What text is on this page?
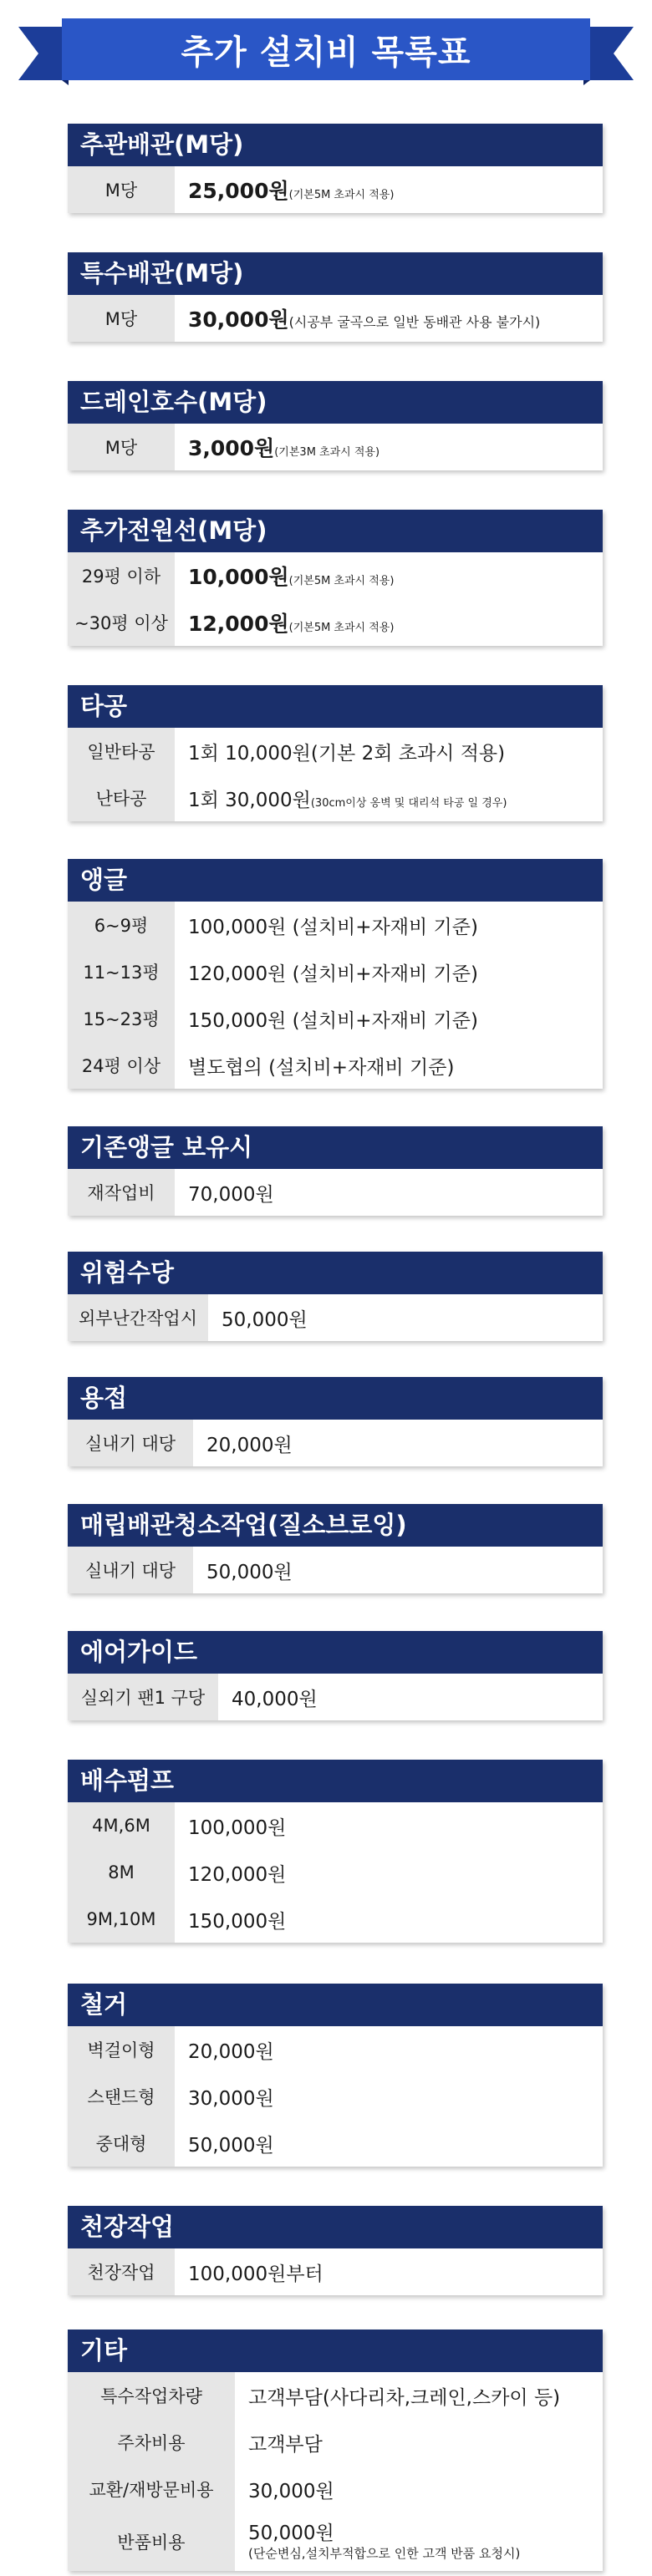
추가 설치비 목록표
추관배관(M당)
M당	25,000원(기본5M 초과시 적용)
특수배관(M당)
M당	30,000원(시공부 굴곡으로 일반 동배관 사용 불가시)
드레인호수(M당)
M당	3,000원(기본3M 초과시 적용)
추가전원선(M당)
29평 이하	10,000원(기본5M 초과시 적용)
~30평 이상 12,000원(기본5M 초과시 적용)
타공
일반타공	1회 10,000원(기본 2회 초과시 적용)
난타공	1회 30,000원(30cm이상 옹벽 및 대리석 타공 일 경우)
앵글
6~9평	100,000원 (설치비+자재비 기준)
11~13평	120,000원 (설치비+자재비 기준)
15~23평	150,000원 (설치비+자재비 기준)
24평 이상	별도협의 (설치비+자재비 기준)
기존앵글 보유시
재작업비	70,000원
위험수당
외부난간작업시	50,000원
용접
실내기 대당	20,000원
매립배관청소작업(질소브로잉)
실내기 대당	50,000원
에어가이드
실외기 팬1 구당	40,000원
배수펌프
4M,6M	100,000원
8M	120,000원
9M,10M	150,000원
철거
벽걸이형	20,000원
스탠드형	30,000원
중대형	50,000원
천장작업
천장작업	100,000원부터
기타
특수작업차량	고객부담(사다리차,크레인,스카이 등)
주차비용	고객부담
교환/재방문비용	30,000원
반품비용	50,000원
(단순변심,설치부적합으로 인한 고객 반품 요청시)
